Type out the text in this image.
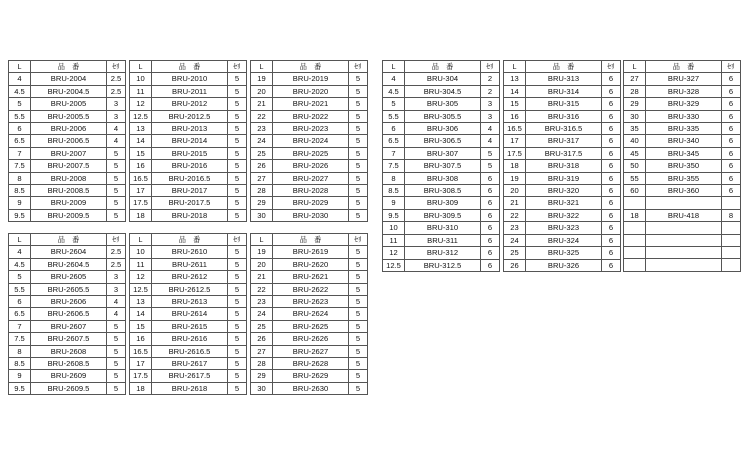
L	品　番	ｾﾘ
4	BRU-2004	2.5
4.5	BRU-2004.5	2.5
5	BRU-2005	3
5.5	BRU-2005.5	3
6	BRU-2006	4
6.5	BRU-2006.5	4
7	BRU-2007	5
7.5	BRU-2007.5	5
8	BRU-2008	5
8.5	BRU-2008.5	5
9	BRU-2009	5
9.5	BRU-2009.5	5
L	品　番	ｾﾘ
10	BRU-2010	5
11	BRU-2011	5
12	BRU-2012	5
12.5	BRU-2012.5	5
13	BRU-2013	5
14	BRU-2014	5
15	BRU-2015	5
16	BRU-2016	5
16.5	BRU-2016.5	5
17	BRU-2017	5
17.5	BRU-2017.5	5
18	BRU-2018	5
L	品　番	ｾﾘ
19	BRU-2019	5
20	BRU-2020	5
21	BRU-2021	5
22	BRU-2022	5
23	BRU-2023	5
24	BRU-2024	5
25	BRU-2025	5
26	BRU-2026	5
27	BRU-2027	5
28	BRU-2028	5
29	BRU-2029	5
30	BRU-2030	5
L	品　番	ｾﾘ
4	BRU-2604	2.5
4.5	BRU-2604.5	2.5
5	BRU-2605	3
5.5	BRU-2605.5	3
6	BRU-2606	4
6.5	BRU-2606.5	4
7	BRU-2607	5
7.5	BRU-2607.5	5
8	BRU-2608	5
8.5	BRU-2608.5	5
9	BRU-2609	5
9.5	BRU-2609.5	5
L	品　番	ｾﾘ
10	BRU-2610	5
11	BRU-2611	5
12	BRU-2612	5
12.5	BRU-2612.5	5
13	BRU-2613	5
14	BRU-2614	5
15	BRU-2615	5
16	BRU-2616	5
16.5	BRU-2616.5	5
17	BRU-2617	5
17.5	BRU-2617.5	5
18	BRU-2618	5
L	品　番	ｾﾘ
19	BRU-2619	5
20	BRU-2620	5
21	BRU-2621	5
22	BRU-2622	5
23	BRU-2623	5
24	BRU-2624	5
25	BRU-2625	5
26	BRU-2626	5
27	BRU-2627	5
28	BRU-2628	5
29	BRU-2629	5
30	BRU-2630	5
L	品　番	ｾﾘ
4	BRU-304	2
4.5	BRU-304.5	2
5	BRU-305	3
5.5	BRU-305.5	3
6	BRU-306	4
6.5	BRU-306.5	4
7	BRU-307	5
7.5	BRU-307.5	5
8	BRU-308	6
8.5	BRU-308.5	6
9	BRU-309	6
9.5	BRU-309.5	6
10	BRU-310	6
11	BRU-311	6
12	BRU-312	6
12.5	BRU-312.5	6
L	品　番	ｾﾘ
13	BRU-313	6
14	BRU-314	6
15	BRU-315	6
16	BRU-316	6
16.5	BRU-316.5	6
17	BRU-317	6
17.5	BRU-317.5	6
18	BRU-318	6
19	BRU-319	6
20	BRU-320	6
21	BRU-321	6
22	BRU-322	6
23	BRU-323	6
24	BRU-324	6
25	BRU-325	6
26	BRU-326	6
L	品　番	ｾﾘ
27	BRU-327	6
28	BRU-328	6
29	BRU-329	6
30	BRU-330	6
35	BRU-335	6
40	BRU-340	6
45	BRU-345	6
50	BRU-350	6
55	BRU-355	6
60	BRU-360	6

18	BRU-418	8
